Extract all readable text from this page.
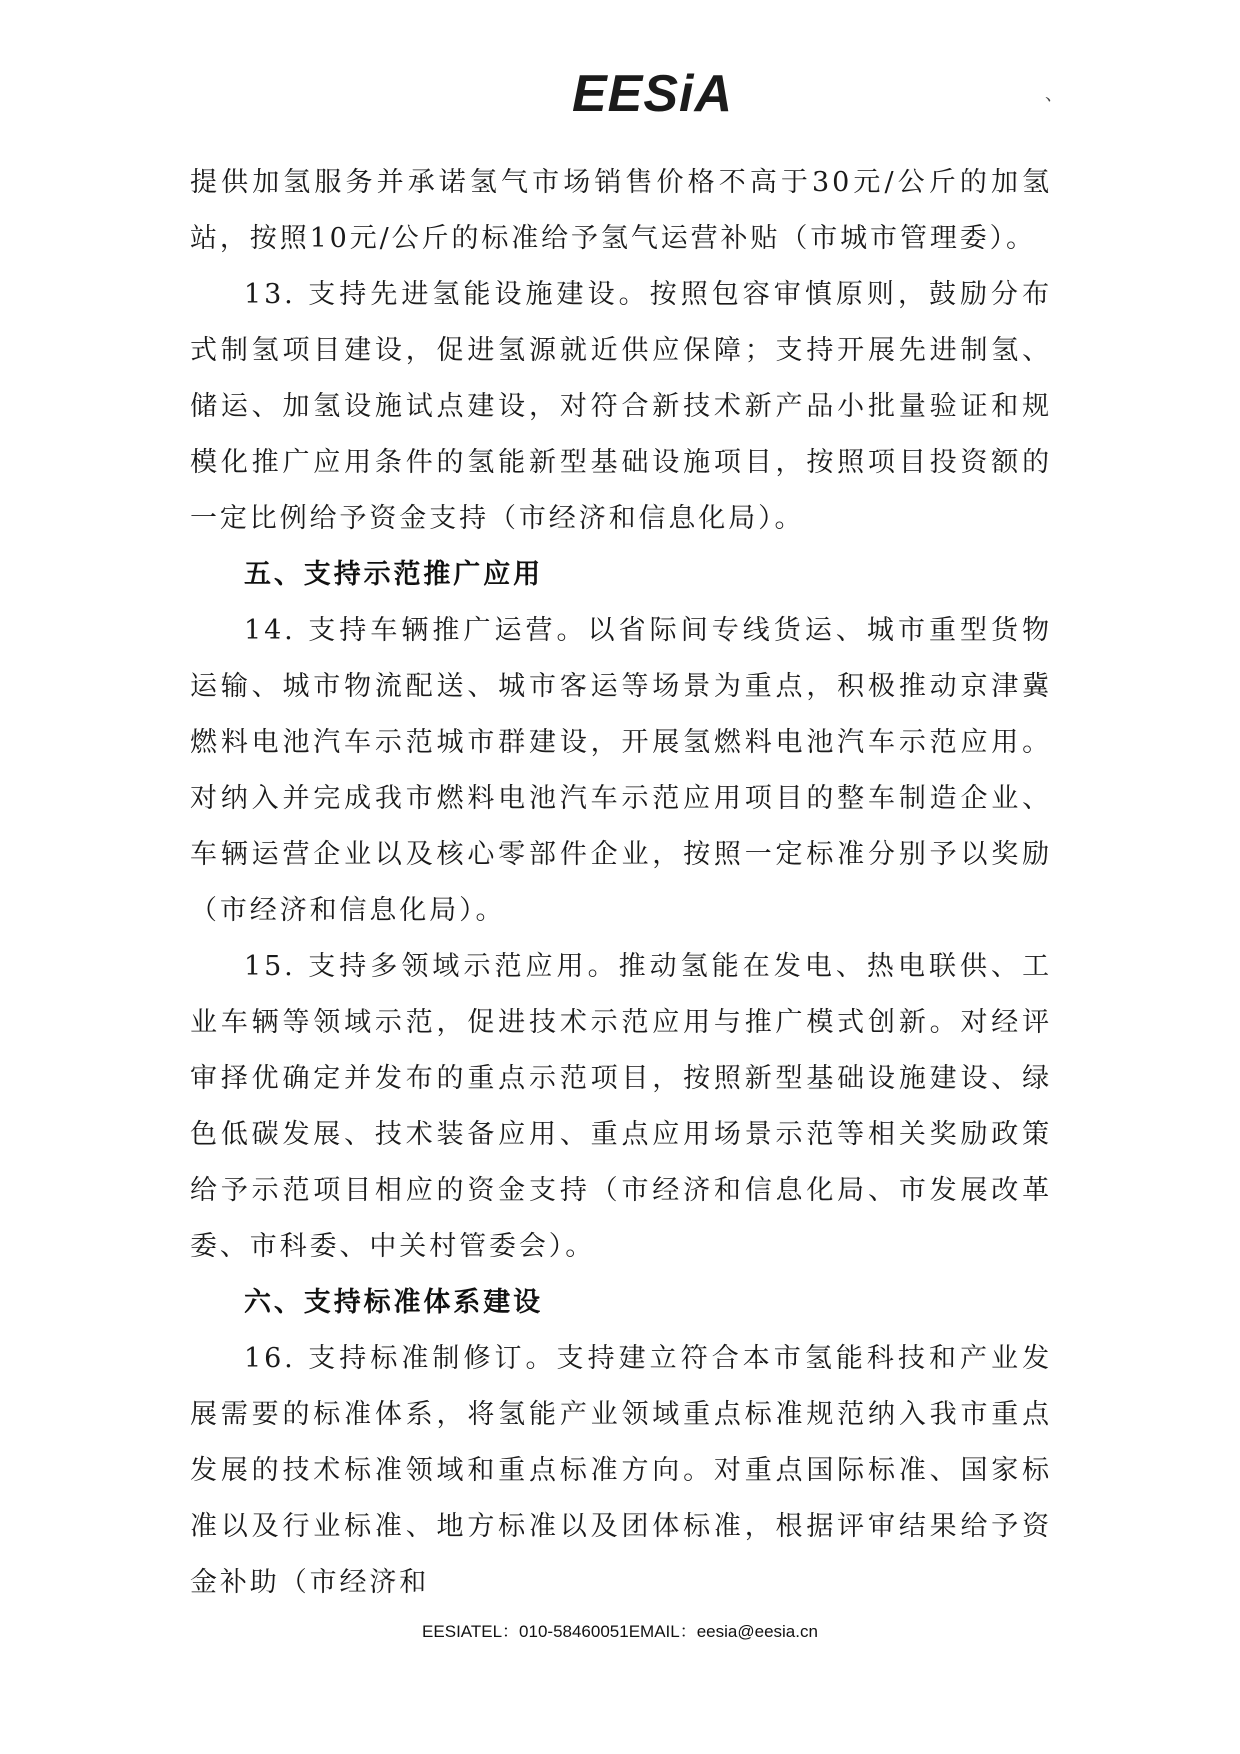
EESiA	、

提供加氢服务并承诺氢气市场销售价格不高于30元/公斤的加氢站，按照10元/公斤的标准给予氢气运营补贴（市城市管理委）。

13. 支持先进氢能设施建设。按照包容审慎原则，鼓励分布式制氢项目建设，促进氢源就近供应保障；支持开展先进制氢、储运、加氢设施试点建设，对符合新技术新产品小批量验证和规模化推广应用条件的氢能新型基础设施项目，按照项目投资额的一定比例给予资金支持（市经济和信息化局）。

五、支持示范推广应用

14. 支持车辆推广运营。以省际间专线货运、城市重型货物运输、城市物流配送、城市客运等场景为重点，积极推动京津冀燃料电池汽车示范城市群建设，开展氢燃料电池汽车示范应用。对纳入并完成我市燃料电池汽车示范应用项目的整车制造企业、车辆运营企业以及核心零部件企业，按照一定标准分别予以奖励（市经济和信息化局）。

15. 支持多领域示范应用。推动氢能在发电、热电联供、工业车辆等领域示范，促进技术示范应用与推广模式创新。对经评审择优确定并发布的重点示范项目，按照新型基础设施建设、绿色低碳发展、技术装备应用、重点应用场景示范等相关奖励政策给予示范项目相应的资金支持（市经济和信息化局、市发展改革委、市科委、中关村管委会）。

六、支持标准体系建设

16. 支持标准制修订。支持建立符合本市氢能科技和产业发展需要的标准体系，将氢能产业领域重点标准规范纳入我市重点发展的技术标准领域和重点标准方向。对重点国际标准、国家标准以及行业标准、地方标准以及团体标准，根据评审结果给予资金补助（市经济和

EESIATEL：010-58460051EMAIL：eesia@eesia.cn
